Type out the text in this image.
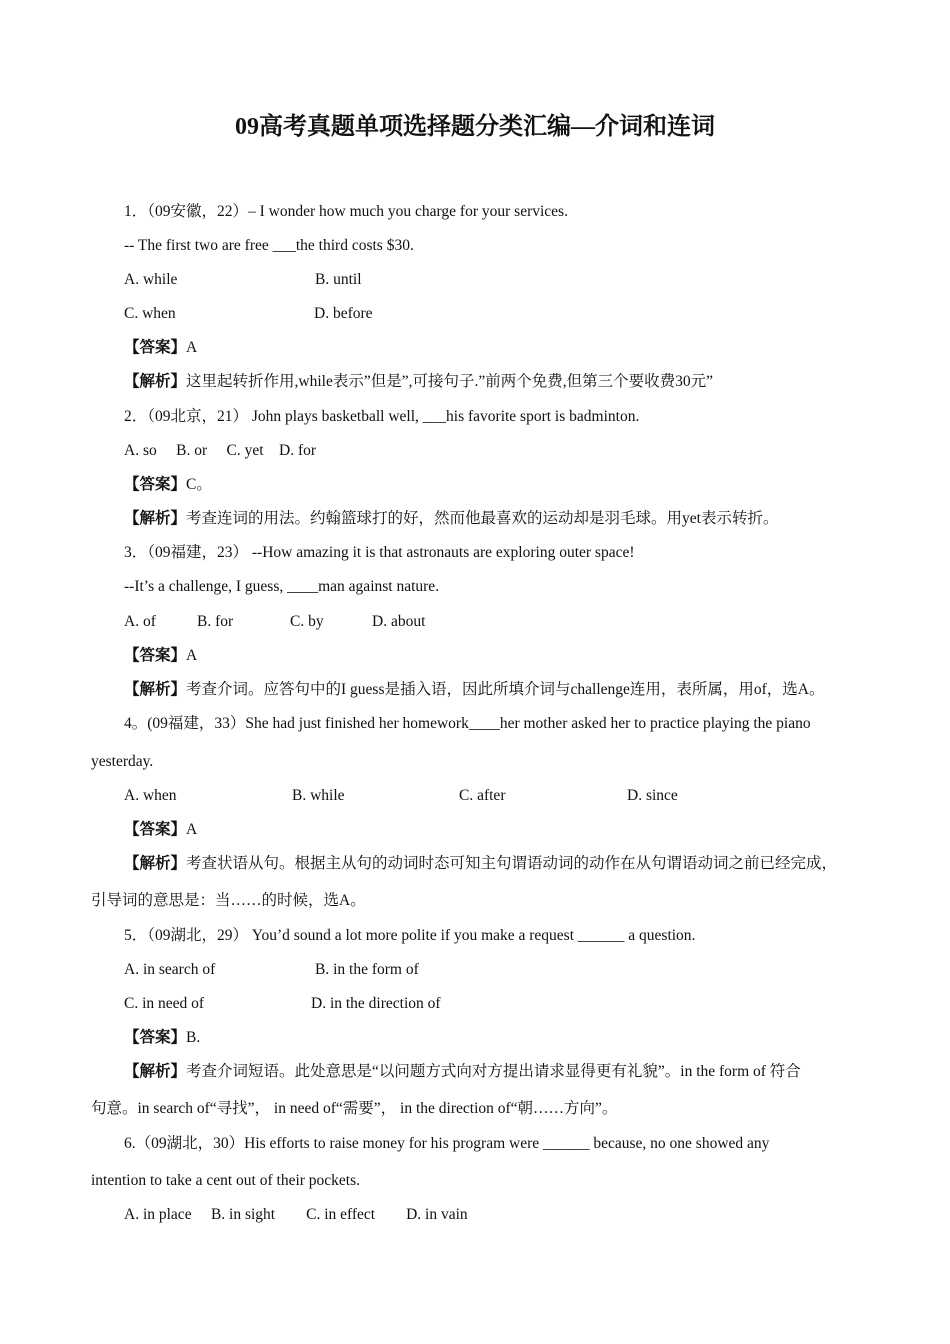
09高考真题单项选择题分类汇编—介词和连词
1．（09安徽，22）– I wonder how much you charge for your services.
-- The first two are free ___the third costs $30.
A. while	B. until
C. when	D. before
【答案】A
【解析】这里起转折作用,while表示”但是”,可接句子.”前两个免费,但第三个要收费30元”
2．（09北京，21） John plays basketball well, ___his favorite sport is badminton.
A. so     B. or     C. yet    D. for
【答案】C。
【解析】考查连词的用法。约翰篮球打的好，然而他最喜欢的运动却是羽毛球。用yet表示转折。
3．（09福建，23） --How amazing it is that astronauts are exploring outer space!
--It’s a challenge, I guess, ____man against nature.
A. of	B. for	C. by	D. about
【答案】A
【解析】考查介词。应答句中的I guess是插入语，因此所填介词与challenge连用，表所属，用of，选A。
4。(09福建，33）She had just finished her homework____her mother asked her to practice playing the piano
yesterday.
A. when	B. while	C. after	D. since
【答案】A
【解析】考查状语从句。根据主从句的动词时态可知主句谓语动词的动作在从句谓语动词之前已经完成，
引导词的意思是：当……的时候，选A。
5．（09湖北，29） You’d sound a lot more polite if you make a request ______ a question.
A. in search of	B. in the form of
C. in need of	D. in the direction of
【答案】B.
【解析】考查介词短语。此处意思是“以问题方式向对方提出请求显得更有礼貌”。in the form of 符合
句意。in search of“寻找”， in need of“需要”， in the direction of“朝……方向”。
6.（09湖北，30）His efforts to raise money for his program were ______ because, no one showed any
intention to take a cent out of their pockets.
A. in place     B. in sight        C. in effect        D. in vain
